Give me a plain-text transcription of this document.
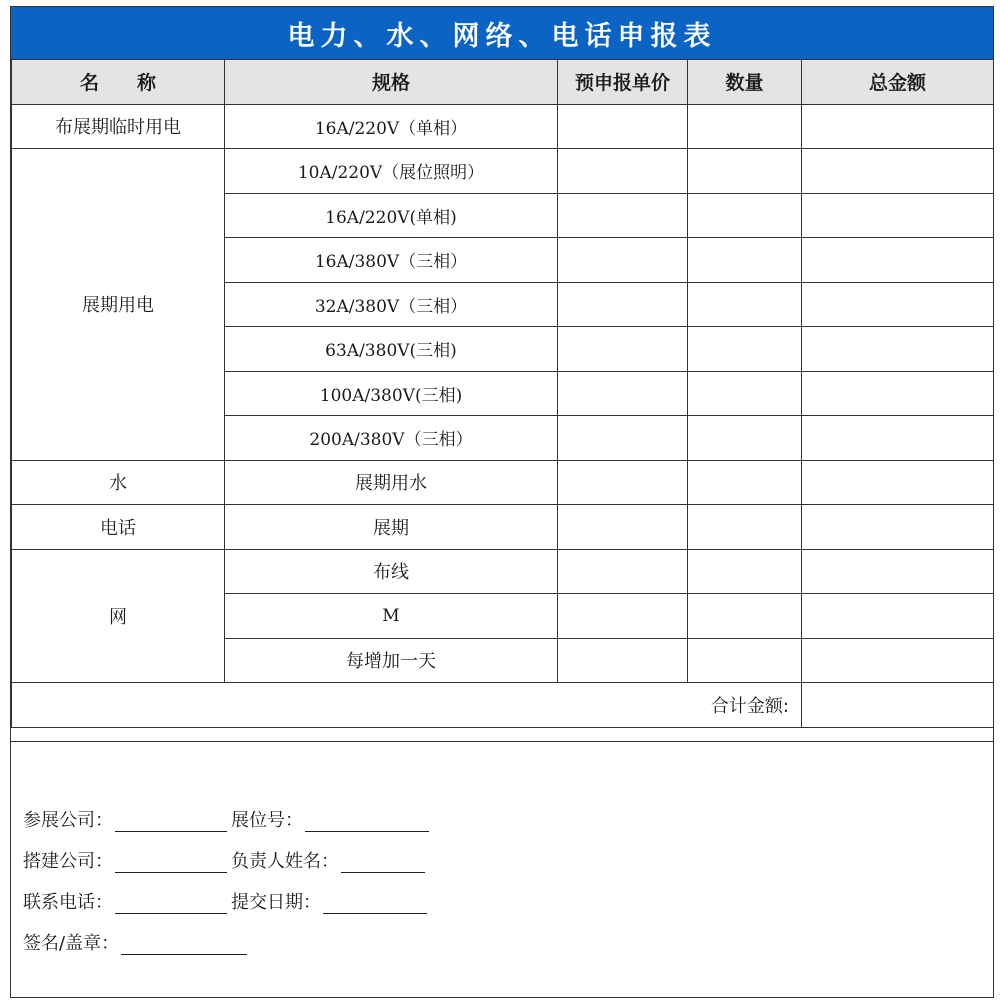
电力、水、网络、电话申报表
名　　称	规格	预申报单价	数量	总金额
布展期临时用电	16A/220V（单相）			
展期用电	10A/220V（展位照明）			
	16A/220V(单相)			
	16A/380V（三相）			
	32A/380V（三相）			
	63A/380V(三相)			
	100A/380V(三相)			
	200A/380V（三相）			
水	展期用水			
电话	展期			
网	布线			
	M			
	每增加一天			
合计金额:				
参展公司：	展位号：
搭建公司：	负责人姓名：
联系电话：	提交日期：
签名/盖章：
